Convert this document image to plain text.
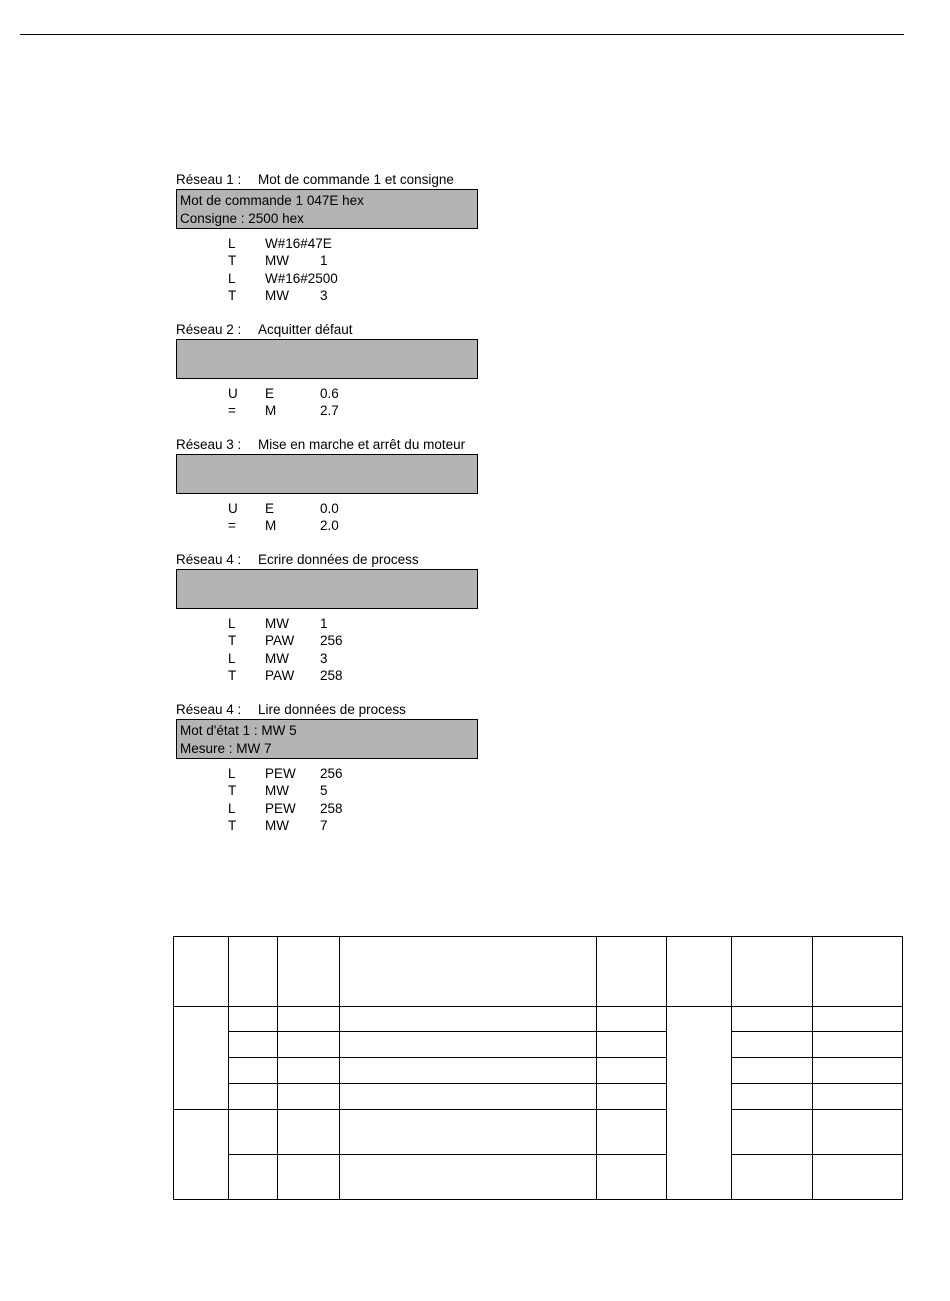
Réseau 1 : Mot de commande 1 et consigne
Mot de commande 1 047E hex
Consigne : 2500 hex
L W#16#47E
T MW 1
L W#16#2500
T MW 3
Réseau 2 : Acquitter défaut
U E	0.6
= M	2.7
Réseau 3 : Mise en marche et arrêt du moteur
U E	0.0
= M	2.0
Réseau 4 : Ecrire données de process
L MW 1
T PAW 256
L MW 3
T PAW 258
Réseau 4 : Lire données de process
Mot d'état 1 : MW 5
Mesure : MW 7
L PEW 256
T MW 5
L PEW 258
T MW 7
